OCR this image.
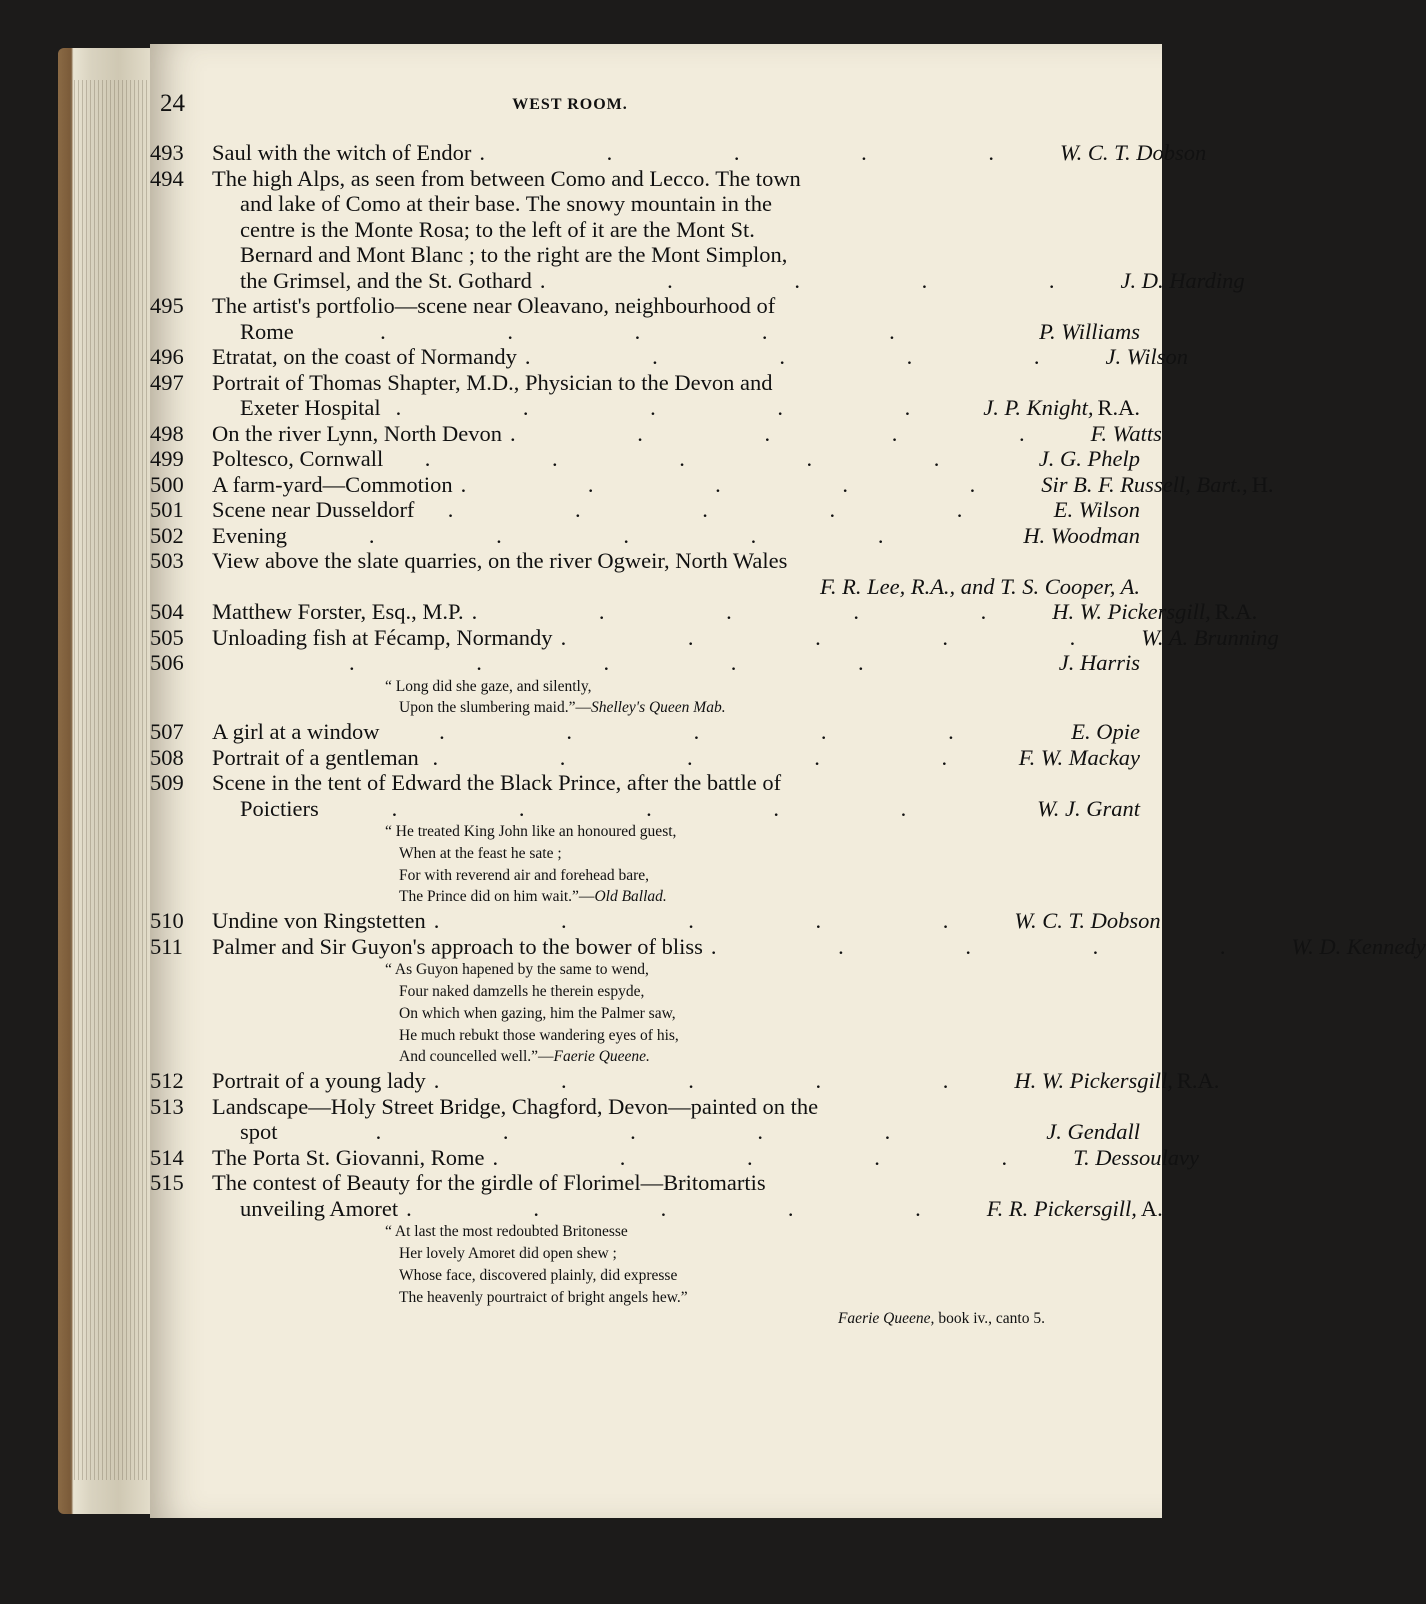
24	WEST ROOM.
493	Saul with the witch of Endor . . . . . W. C. T. Dobson
494	The high Alps, as seen from between Como and Lecco. The town
and lake of Como at their base. The snowy mountain in the
centre is the Monte Rosa; to the left of it are the Mont St.
Bernard and Mont Blanc ; to the right are the Mont Simplon,
the Grimsel, and the St. Gothard . . . . . J. D. Harding
495	The artist's portfolio—scene near Oleavano, neighbourhood of
Rome	. . . . .	P. Williams
496	Etratat, on the coast of Normandy . . . . . J. Wilson
497	Portrait of Thomas Shapter, M.D., Physician to the Devon and
Exeter Hospital . . . . . J. P. Knight, R.A.
498	On the river Lynn, North Devon . . . . . F. Watts
499	Poltesco, Cornwall	. . . . .	J. G. Phelp
500	A farm-yard—Commotion . . . . . Sir B. F. Russell, Bart., H.
501	Scene near Dusseldorf	. . . . .	E. Wilson
502	Evening	. . . . .	H. Woodman
503	View above the slate quarries, on the river Ogweir, North Wales
F. R. Lee, R.A., and T. S. Cooper, A.
504	Matthew Forster, Esq., M.P. . . . . . H. W. Pickersgill, R.A.
505	Unloading fish at Fécamp, Normandy . . . . . W. A. Brunning
506	. . . . .	J. Harris
“ Long did she gaze, and silently,
Upon the slumbering maid.”—Shelley's Queen Mab.
507	A girl at a window	. . . . .	E. Opie
508	Portrait of a gentleman . . . . . F. W. Mackay
509	Scene in the tent of Edward the Black Prince, after the battle of
Poictiers	. . . . .	W. J. Grant
“ He treated King John like an honoured guest,
When at the feast he sate ;
For with reverend air and forehead bare,
The Prince did on him wait.”—Old Ballad.
510	Undine von Ringstetten . . . . . W. C. T. Dobson
511	Palmer and Sir Guyon's approach to the bower of bliss . . . . . W. D. Kennedy
“ As Guyon hapened by the same to wend,
Four naked damzells he therein espyde,
On which when gazing, him the Palmer saw,
He much rebukt those wandering eyes of his,
And councelled well.”—Faerie Queene.
512	Portrait of a young lady . . . . . H. W. Pickersgill, R.A.
513	Landscape—Holy Street Bridge, Chagford, Devon—painted on the
spot	. . . . .	J. Gendall
514	The Porta St. Giovanni, Rome . . . . . T. Dessoulavy
515	The contest of Beauty for the girdle of Florimel—Britomartis
unveiling Amoret . . . . . F. R. Pickersgill, A.
“ At last the most redoubted Britonesse
Her lovely Amoret did open shew ;
Whose face, discovered plainly, did expresse
The heavenly pourtraict of bright angels hew.”
Faerie Queene, book iv., canto 5.
